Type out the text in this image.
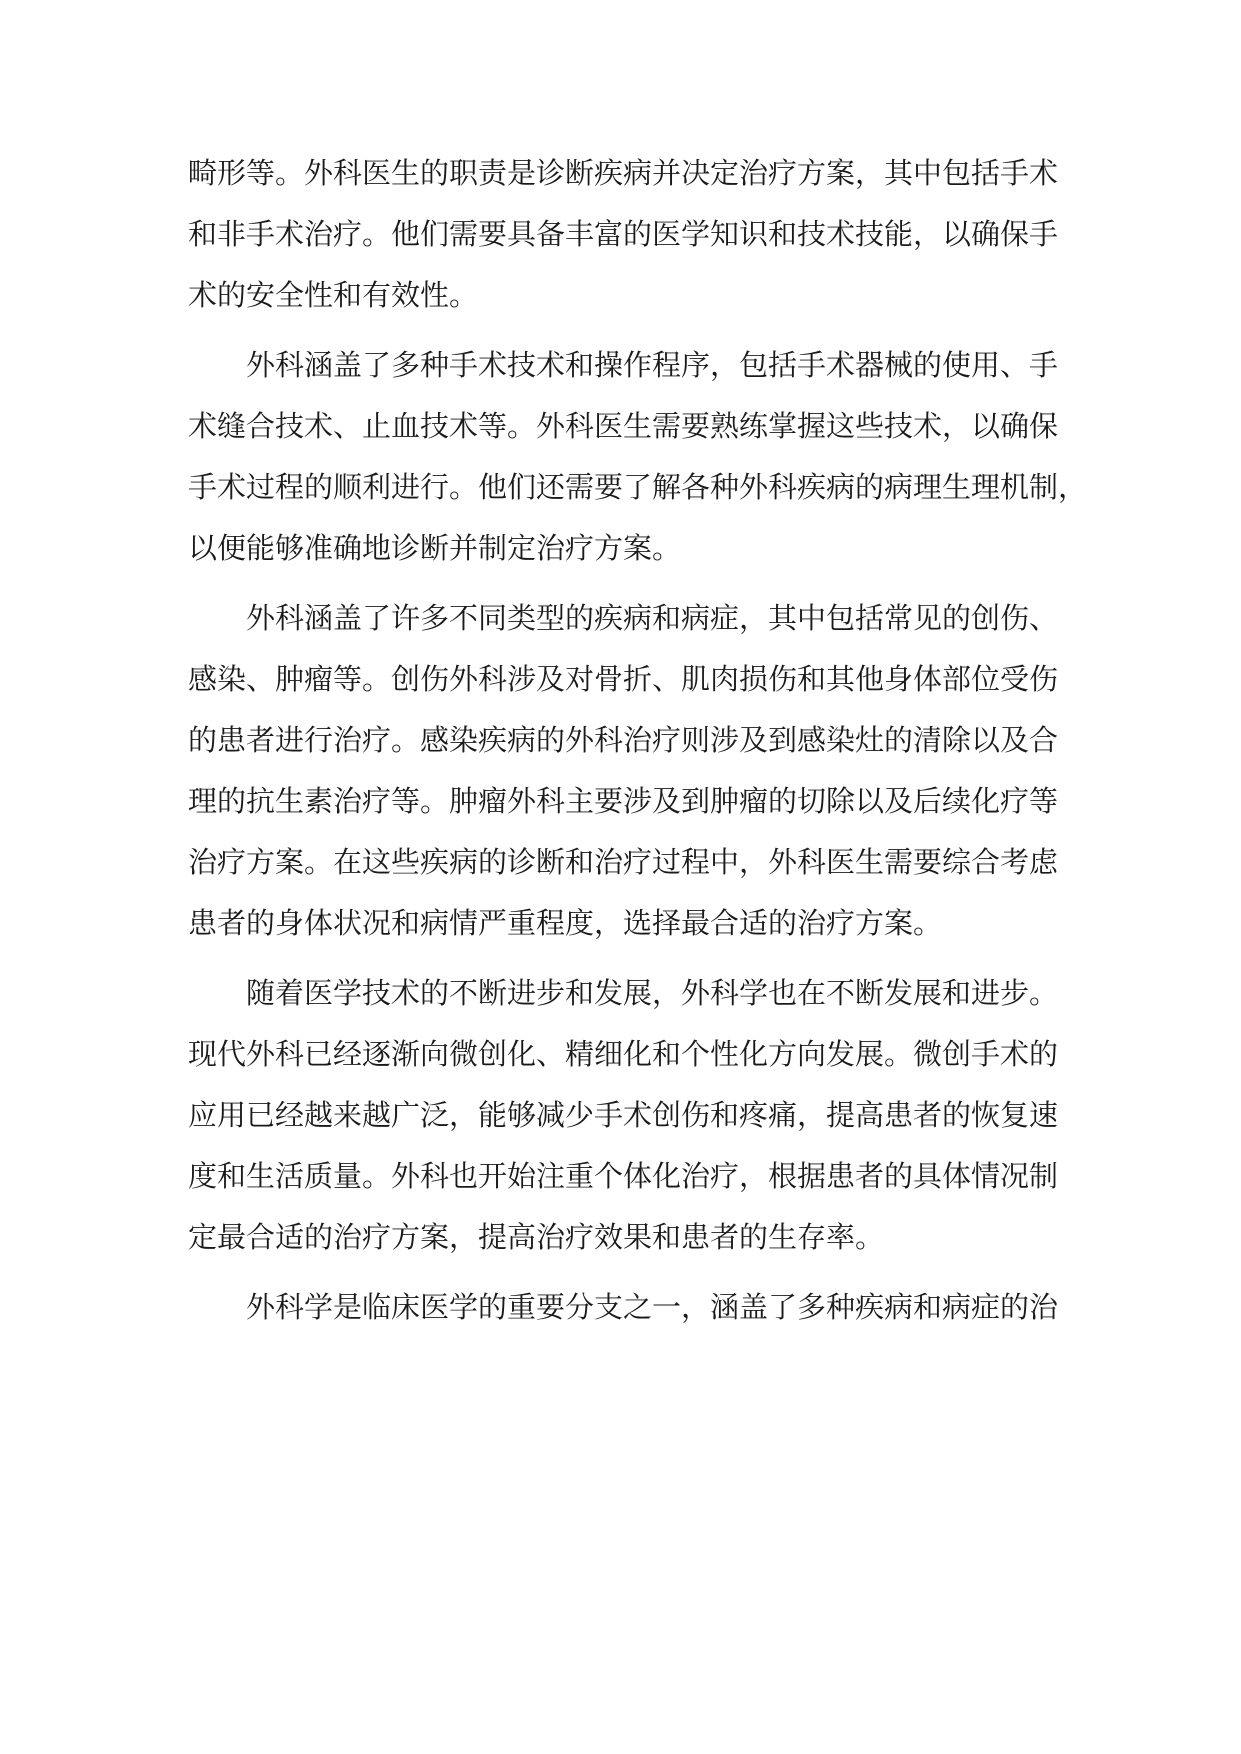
畸形等。外科医生的职责是诊断疾病并决定治疗方案，其中包括手术
和非手术治疗。他们需要具备丰富的医学知识和技术技能，以确保手
术的安全性和有效性。
外科涵盖了多种手术技术和操作程序，包括手术器械的使用、手
术缝合技术、止血技术等。外科医生需要熟练掌握这些技术，以确保
手术过程的顺利进行。他们还需要了解各种外科疾病的病理生理机制，
以便能够准确地诊断并制定治疗方案。
外科涵盖了许多不同类型的疾病和病症，其中包括常见的创伤、
感染、肿瘤等。创伤外科涉及对骨折、肌肉损伤和其他身体部位受伤
的患者进行治疗。感染疾病的外科治疗则涉及到感染灶的清除以及合
理的抗生素治疗等。肿瘤外科主要涉及到肿瘤的切除以及后续化疗等
治疗方案。在这些疾病的诊断和治疗过程中，外科医生需要综合考虑
患者的身体状况和病情严重程度，选择最合适的治疗方案。
随着医学技术的不断进步和发展，外科学也在不断发展和进步。
现代外科已经逐渐向微创化、精细化和个性化方向发展。微创手术的
应用已经越来越广泛，能够减少手术创伤和疼痛，提高患者的恢复速
度和生活质量。外科也开始注重个体化治疗，根据患者的具体情况制
定最合适的治疗方案，提高治疗效果和患者的生存率。
外科学是临床医学的重要分支之一，涵盖了多种疾病和病症的治
